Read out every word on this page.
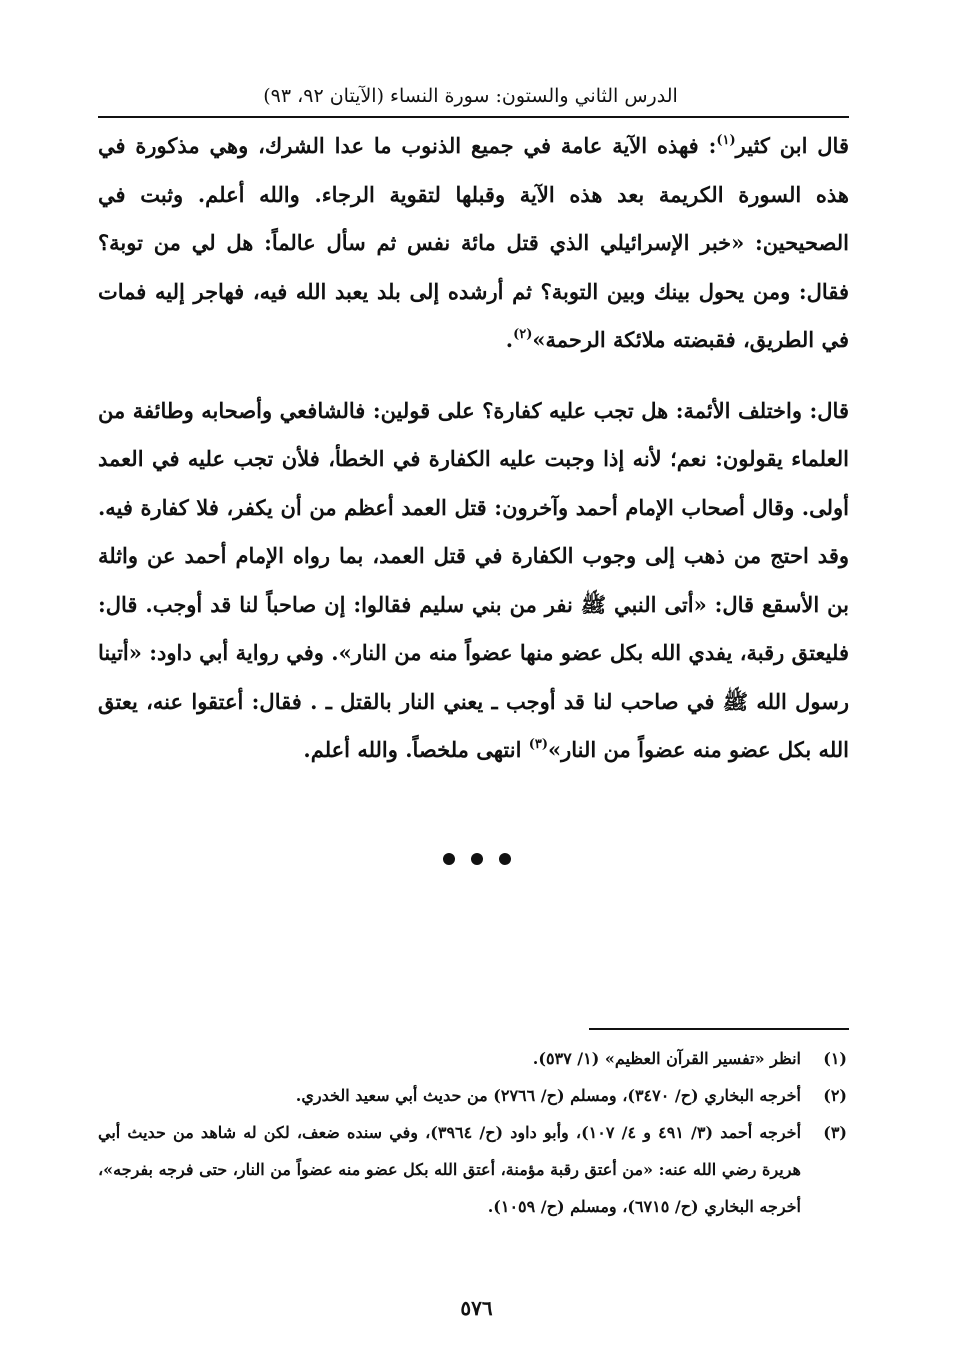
الدرس الثاني والستون: سورة النساء (الآيتان ٩٢، ٩٣)

قال ابن كثير$^{(١)}$: فهذه الآية عامة في جميع الذنوب ما عدا الشرك، وهي مذكورة في هذه السورة الكريمة بعد هذه الآية وقبلها لتقوية الرجاء. والله أعلم. وثبت في الصحيحين: «خبر الإسرائيلي الذي قتل مائة نفس ثم سأل عالماً: هل لي من توبة؟ فقال: ومن يحول بينك وبين التوبة؟ ثم أرشده إلى بلد يعبد الله فيه، فهاجر إليه فمات في الطريق، فقبضته ملائكة الرحمة»$^{(٢)}$.

قال: واختلف الأئمة: هل تجب عليه كفارة؟ على قولين: فالشافعي وأصحابه وطائفة من العلماء يقولون: نعم؛ لأنه إذا وجبت عليه الكفارة في الخطأ، فلأن تجب عليه في العمد أولى. وقال أصحاب الإمام أحمد وآخرون: قتل العمد أعظم من أن يكفر، فلا كفارة فيه. وقد احتج من ذهب إلى وجوب الكفارة في قتل العمد، بما رواه الإمام أحمد عن واثلة بن الأسقع قال: «أتى النبي ﷺ نفر من بني سليم فقالوا: إن صاحباً لنا قد أوجب. قال: فليعتق رقبة، يفدي الله بكل عضو منها عضواً منه من النار». وفي رواية أبي داود: «أتينا رسول الله ﷺ في صاحب لنا قد أوجب ـ يعني النار بالقتل ـ . فقال: أعتقوا عنه، يعتق الله بكل عضو منه عضواً من النار»$^{(٣)}$ انتهى ملخصاً. والله أعلم.

(١)
انظر «تفسير القرآن العظيم» (١/ ٥٣٧).
(٢)
أخرجه البخاري (ح/ ٣٤٧٠)، ومسلم (ح/ ٢٧٦٦) من حديث أبي سعيد الخدري.
(٣)
أخرجه أحمد (٣/ ٤٩١ و ٤/ ١٠٧)، وأبو داود (ح/ ٣٩٦٤)، وفي سنده ضعف، لكن له شاهد من حديث أبي هريرة رضي الله عنه: «من أعتق رقبة مؤمنة، أعتق الله بكل عضو منه عضواً من النار، حتى فرجه بفرجه»، أخرجه البخاري (ح/ ٦٧١٥)، ومسلم (ح/ ١٠٥٩).
٥٧٦
